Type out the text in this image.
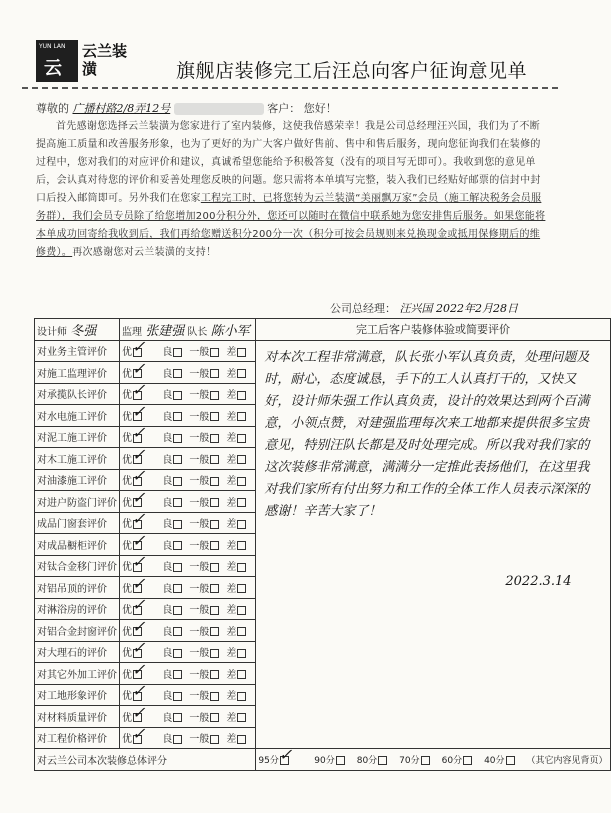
YUN LAN
云
云兰装潢	旗舰店装修完工后汪总向客户征询意见单
尊敬的 广播村路2/8弄12号	客户： 您好！
首先感谢您选择云兰装潢为您家进行了室内装修，这使我倍感荣幸！我是公司总经理汪兴国，我们为了不断提高施工质量和改善服务形象，也为了更好的为广大客户做好售前、售中和售后服务，现向您征询我们在装修的过程中，您对我们的对应评价和建议，真诚希望您能给予积极答复（没有的项目写无即可）。我收到您的意见单后，会认真对待您的评价和妥善处理您反映的问题。您只需将本单填写完整，装入我们已经贴好邮票的信封中封口后投入邮筒即可。另外我们在您家工程完工时，已将您转为云兰装潢“美丽飘万家”会员（施工解决税务会员服务群），我们会员专员除了给您增加200分积分外，您还可以随时在微信中联系她为您安排售后服务。如果您能将本单成功回寄给我收到后，我们再给您赠送积分200分一次（积分可按会员规则来兑换现金或抵用保修期后的维修费）。再次感谢您对云兰装潢的支持！
公司总经理： 汪兴国 2022年2月28日
设计师 冬强	监理 张建强 队长 陈小军	完工后客户装修体验或简要评价
对业务主管评价	优✓ 良 一般 差	对本次工程非常满意，队长张小军认真负责，处理问题及时，耐心，态度诚恳，手下的工人认真打干的，又快又好，设计师朱强工作认真负责，设计的效果达到两个百满意，小领点赞，对建强监理每次来工地都来提供很多宝贵意见，特别汪队长都是及时处理完成。所以我对我们家的这次装修非常满意，满满分一定推此表扬他们，在这里我对我们家所有付出努力和工作的全体工作人员表示深深的感谢！辛苦大家了！
2022.3.14

对施工监理评价	优✓ 良 一般 差	
对承揽队长评价	优✓ 良 一般 差	
对水电施工评价	优✓ 良 一般 差	
对泥工施工评价	优✓ 良 一般 差	
对木工施工评价	优✓ 良 一般 差	
对油漆施工评价	优✓ 良 一般 差	
对进户防盗门评价	优✓ 良 一般 差	
成品门窗套评价	优✓ 良 一般 差	
对成品橱柜评价	优✓ 良 一般 差	
对钛合金移门评价	优✓ 良 一般 差	
对铝吊顶的评价	优✓ 良 一般 差	
对淋浴房的评价	优✓ 良 一般 差	
对铝合金封窗评价	优✓ 良 一般 差	
对大理石的评价	优✓ 良 一般 差	
对其它外加工评价	优✓ 良 一般 差	
对工地形象评价	优✓ 良 一般 差	
对材料质量评价	优✓ 良 一般 差	
对工程价格评价	优✓ 良 一般 差	
对云兰公司本次装修总体评分		95分✓ 90分 80分 70分 60分 40分 （其它内容见背页）
